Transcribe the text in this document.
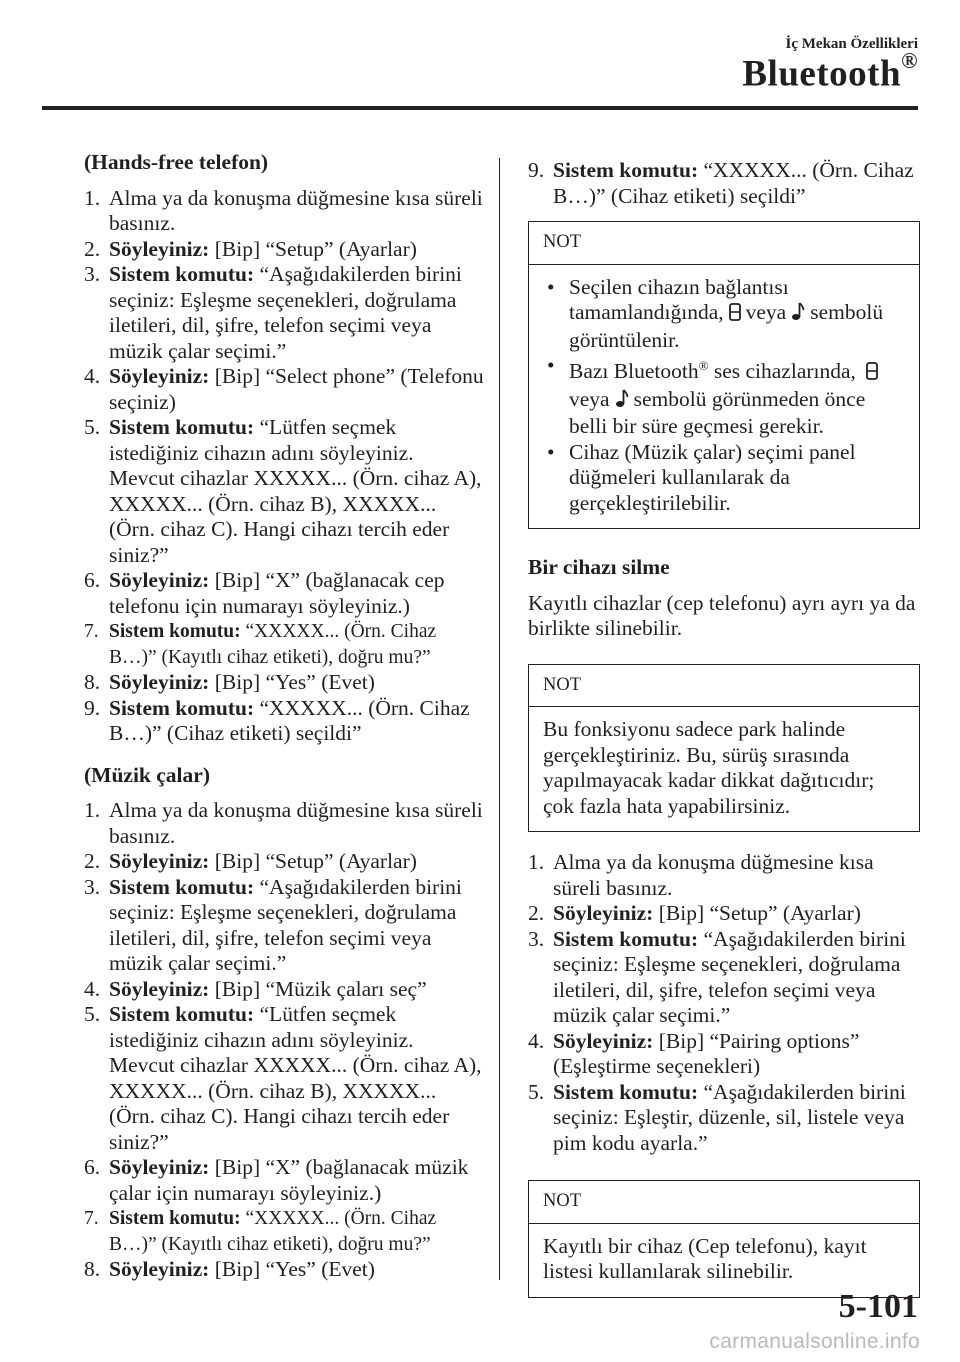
İç Mekan Özellikleri
Bluetooth®
(Hands-free telefon)
1. Alma ya da konuşma düğmesine kısa süreli basınız.
2. Söyleyiniz: [Bip] “Setup” (Ayarlar)
3. Sistem komutu: “Aşağıdakilerden birini seçiniz: Eşleşme seçenekleri, doğrulama iletileri, dil, şifre, telefon seçimi veya müzik çalar seçimi.”
4. Söyleyiniz: [Bip] “Select phone” (Telefonu seçiniz)
5. Sistem komutu: “Lütfen seçmek istediğiniz cihazın adını söyleyiniz. Mevcut cihazlar XXXXX... (Örn. cihaz A), XXXXX... (Örn. cihaz B), XXXXX... (Örn. cihaz C). Hangi cihazı tercih eder siniz?”
6. Söyleyiniz: [Bip] “X” (bağlanacak cep telefonu için numarayı söyleyiniz.)
7. Sistem komutu: “XXXXX... (Örn. Cihaz B…)” (Kayıtlı cihaz etiketi), doğru mu?”
8. Söyleyiniz: [Bip] “Yes” (Evet)
9. Sistem komutu: “XXXXX... (Örn. Cihaz B…)” (Cihaz etiketi) seçildi”
(Müzik çalar)
1. Alma ya da konuşma düğmesine kısa süreli basınız.
2. Söyleyiniz: [Bip] “Setup” (Ayarlar)
3. Sistem komutu: “Aşağıdakilerden birini seçiniz: Eşleşme seçenekleri, doğrulama iletileri, dil, şifre, telefon seçimi veya müzik çalar seçimi.”
4. Söyleyiniz: [Bip] “Müzik çaları seç”
5. Sistem komutu: “Lütfen seçmek istediğiniz cihazın adını söyleyiniz. Mevcut cihazlar XXXXX... (Örn. cihaz A), XXXXX... (Örn. cihaz B), XXXXX... (Örn. cihaz C). Hangi cihazı tercih eder siniz?”
6. Söyleyiniz: [Bip] “X” (bağlanacak müzik çalar için numarayı söyleyiniz.)
7. Sistem komutu: “XXXXX... (Örn. Cihaz B…)” (Kayıtlı cihaz etiketi), doğru mu?”
8. Söyleyiniz: [Bip] “Yes” (Evet)
9. Sistem komutu: “XXXXX... (Örn. Cihaz B…)” (Cihaz etiketi) seçildi”
NOT
• Seçilen cihazın bağlantısı tamamlandığında, veya sembolü görüntülenir.
• Bazı Bluetooth® ses cihazlarında, veya sembolü görünmeden önce belli bir süre geçmesi gerekir.
• Cihaz (Müzik çalar) seçimi panel düğmeleri kullanılarak da gerçekleştirilebilir.
Bir cihazı silme

Kayıtlı cihazlar (cep telefonu) ayrı ayrı ya da birlikte silinebilir.

NOT
Bu fonksiyonu sadece park halinde gerçekleştiriniz. Bu, sürüş sırasında yapılmayacak kadar dikkat dağıtıcıdır; çok fazla hata yapabilirsiniz.
1. Alma ya da konuşma düğmesine kısa süreli basınız.
2. Söyleyiniz: [Bip] “Setup” (Ayarlar)
3. Sistem komutu: “Aşağıdakilerden birini seçiniz: Eşleşme seçenekleri, doğrulama iletileri, dil, şifre, telefon seçimi veya müzik çalar seçimi.”
4. Söyleyiniz: [Bip] “Pairing options” (Eşleştirme seçenekleri)
5. Sistem komutu: “Aşağıdakilerden birini seçiniz: Eşleştir, düzenle, sil, listele veya pim kodu ayarla.”
NOT
Kayıtlı bir cihaz (Cep telefonu), kayıt listesi kullanılarak silinebilir.
5-101
carmanualsonline.info
